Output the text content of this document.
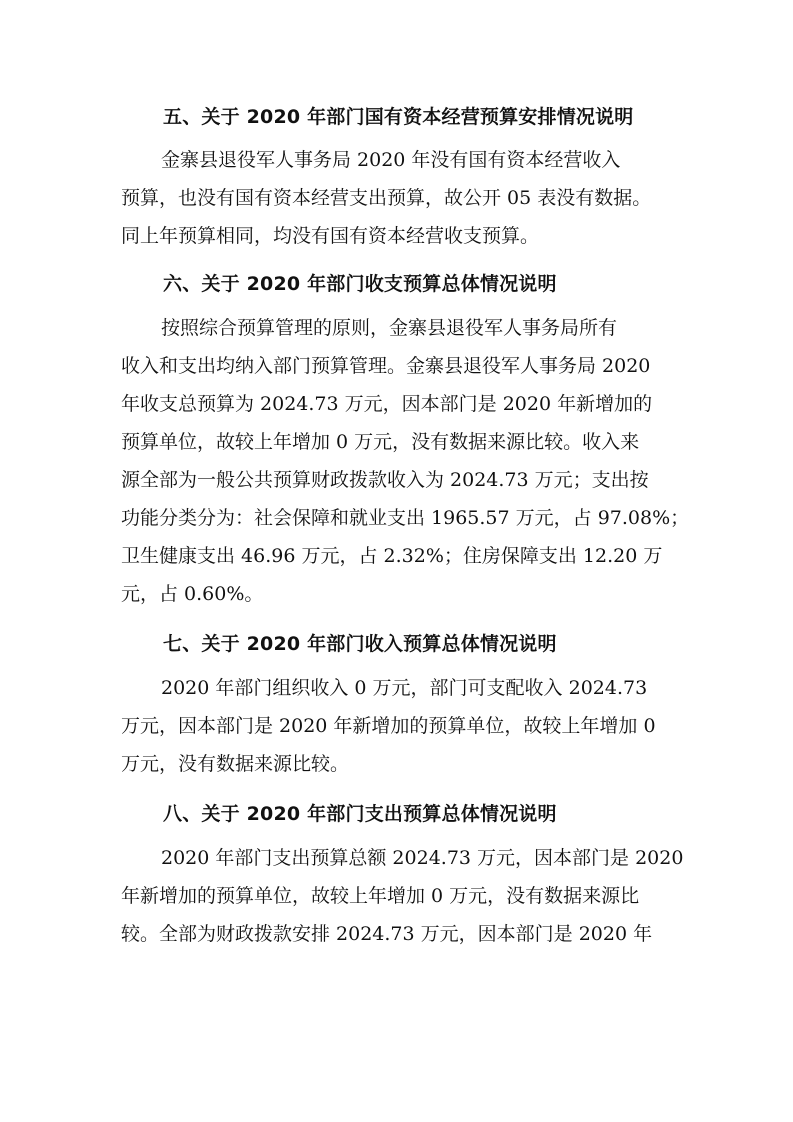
五、关于 2020 年部门国有资本经营预算安排情况说明

金寨县退役军人事务局 2020 年没有国有资本经营收入

预算，也没有国有资本经营支出预算，故公开 05 表没有数据。

同上年预算相同，均没有国有资本经营收支预算。

六、关于 2020 年部门收支预算总体情况说明

按照综合预算管理的原则，金寨县退役军人事务局所有

收入和支出均纳入部门预算管理。金寨县退役军人事务局 2020

年收支总预算为 2024.73 万元，因本部门是 2020 年新增加的

预算单位，故较上年增加 0 万元，没有数据来源比较。收入来

源全部为一般公共预算财政拨款收入为 2024.73 万元；支出按

功能分类分为：社会保障和就业支出 1965.57 万元，占 97.08%；

卫生健康支出 46.96 万元，占 2.32%；住房保障支出 12.20 万

元，占 0.60%。

七、关于 2020 年部门收入预算总体情况说明

2020 年部门组织收入 0 万元，部门可支配收入 2024.73

万元，因本部门是 2020 年新增加的预算单位，故较上年增加 0

万元，没有数据来源比较。

八、关于 2020 年部门支出预算总体情况说明

2020 年部门支出预算总额 2024.73 万元，因本部门是 2020

年新增加的预算单位，故较上年增加 0 万元，没有数据来源比

较。全部为财政拨款安排 2024.73 万元，因本部门是 2020 年
